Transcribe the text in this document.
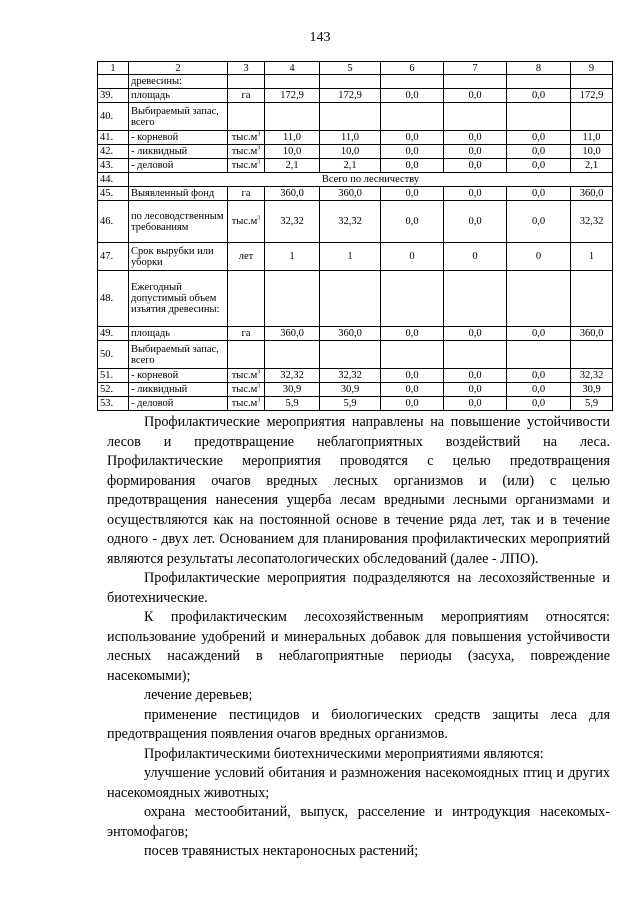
143
1	2	3	4	5	6	7	8	9
	древесины:							
39.	площадь	га	172,9	172,9	0,0	0,0	0,0	172,9
40.	Выбираемый запас, всего							
41.	- корневой	$тыс.м^3$	11,0	11,0	0,0	0,0	0,0	11,0
42.	- ликвидный	$тыс.м^3$	10,0	10,0	0,0	0,0	0,0	10,0
43.	- деловой	$тыс.м^3$	2,1	2,1	0,0	0,0	0,0	2,1
44.	Всего по лесничеству							
45.	Выявленный фонд	га	360,0	360,0	0,0	0,0	0,0	360,0
46.	по лесоводственным требованиям	$тыс.м^3$	32,32	32,32	0,0	0,0	0,0	32,32
47.	Срок вырубки или уборки	лет	1	1	0	0	0	1
48.	Ежегодный допустимый объем изъятия древесины:							
49.	площадь	га	360,0	360,0	0,0	0,0	0,0	360,0
50.	Выбираемый запас, всего							
51.	- корневой	$тыс.м^3$	32,32	32,32	0,0	0,0	0,0	32,32
52.	- ликвидный	$тыс.м^3$	30,9	30,9	0,0	0,0	0,0	30,9
53.	- деловой	$тыс.м^3$	5,9	5,9	0,0	0,0	0,0	5,9

Профилактические мероприятия направлены на повышение устойчивости лесов и предотвращение неблагоприятных воздействий на леса. Профилактические мероприятия проводятся с целью предотвращения формирования очагов вредных лесных организмов и (или) с целью предотвращения нанесения ущерба лесам вредными лесными организмами и осуществляются как на постоянной основе в течение ряда лет, так и в течение одного - двух лет. Основанием для планирования профилактических мероприятий являются результаты лесопатологических обследований (далее - ЛПО).

Профилактические мероприятия подразделяются на лесохозяйственные и биотехнические.

К профилактическим лесохозяйственным мероприятиям относятся: использование удобрений и минеральных добавок для повышения устойчивости лесных насаждений в неблагоприятные периоды (засуха, повреждение насекомыми);

лечение деревьев;

применение пестицидов и биологических средств защиты леса для предотвращения появления очагов вредных организмов.

Профилактическими биотехническими мероприятиями являются:

улучшение условий обитания и размножения насекомоядных птиц и других насекомоядных животных;

охрана местообитаний, выпуск, расселение и интродукция насекомых-энтомофагов;

посев травянистых нектароносных растений;
